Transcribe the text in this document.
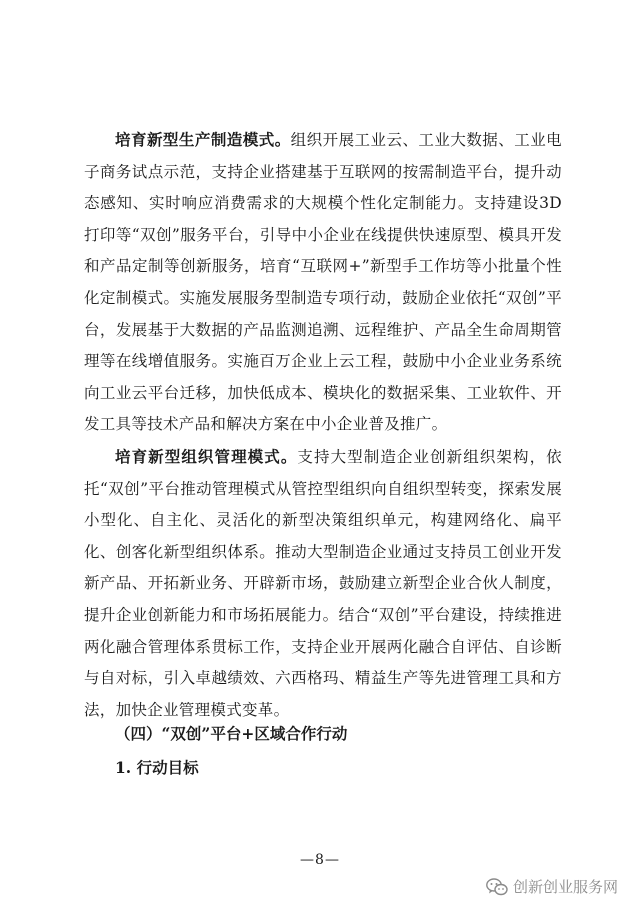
培育新型生产制造模式。组织开展工业云、工业大数据、工业电子商务试点示范，支持企业搭建基于互联网的按需制造平台，提升动态感知、实时响应消费需求的大规模个性化定制能力。支持建设3D打印等“双创”服务平台，引导中小企业在线提供快速原型、模具开发和产品定制等创新服务，培育“互联网+”新型手工作坊等小批量个性化定制模式。实施发展服务型制造专项行动，鼓励企业依托“双创”平台，发展基于大数据的产品监测追溯、远程维护、产品全生命周期管理等在线增值服务。实施百万企业上云工程，鼓励中小企业业务系统向工业云平台迁移，加快低成本、模块化的数据采集、工业软件、开发工具等技术产品和解决方案在中小企业普及推广。

培育新型组织管理模式。支持大型制造企业创新组织架构，依托“双创”平台推动管理模式从管控型组织向自组织型转变，探索发展小型化、自主化、灵活化的新型决策组织单元，构建网络化、扁平化、创客化新型组织体系。推动大型制造企业通过支持员工创业开发新产品、开拓新业务、开辟新市场，鼓励建立新型企业合伙人制度，提升企业创新能力和市场拓展能力。结合“双创”平台建设，持续推进两化融合管理体系贯标工作，支持企业开展两化融合自评估、自诊断与自对标，引入卓越绩效、六西格玛、精益生产等先进管理工具和方法，加快企业管理模式变革。

（四）“双创”平台+区域合作行动
1. 行动目标
—8—
创新创业服务网
